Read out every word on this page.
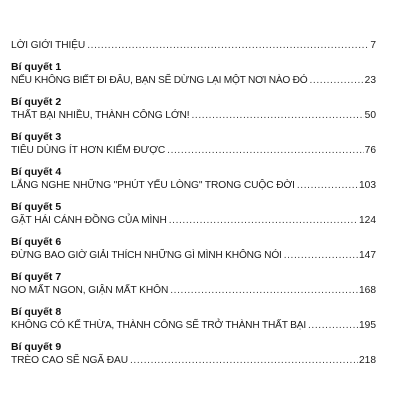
LỜI GIỚI THIỆU .....	7
Bí quyết 1
NẾU KHÔNG BIẾT ĐI ĐÂU, BẠN SẼ DỪNG LẠI MỘT NƠI NÀO ĐÓ .....	23
Bí quyết 2
THẤT BẠI NHIỀU, THÀNH CÔNG LỚN! .....	50
Bí quyết 3
TIÊU DÙNG ÍT HƠN KIẾM ĐƯỢC .....	76
Bí quyết 4
LẮNG NGHE NHỮNG "PHÚT YẾU LÒNG" TRONG CUỘC ĐỜI .....	103
Bí quyết 5
GẶT HÁI CÁNH ĐỒNG CỦA MÌNH .....	124
Bí quyết 6
ĐỪNG BAO GIỜ GIẢI THÍCH NHỮNG GÌ MÌNH KHÔNG NÓI .....	147
Bí quyết 7
NO MẤT NGON, GIẬN MẤT KHÔN .....	168
Bí quyết 8
KHÔNG CÓ KẾ THỪA, THÀNH CÔNG SẼ TRỞ THÀNH THẤT BẠI .....	195
Bí quyết 9
TRÈO CAO SẼ NGÃ ĐAU .....	218
